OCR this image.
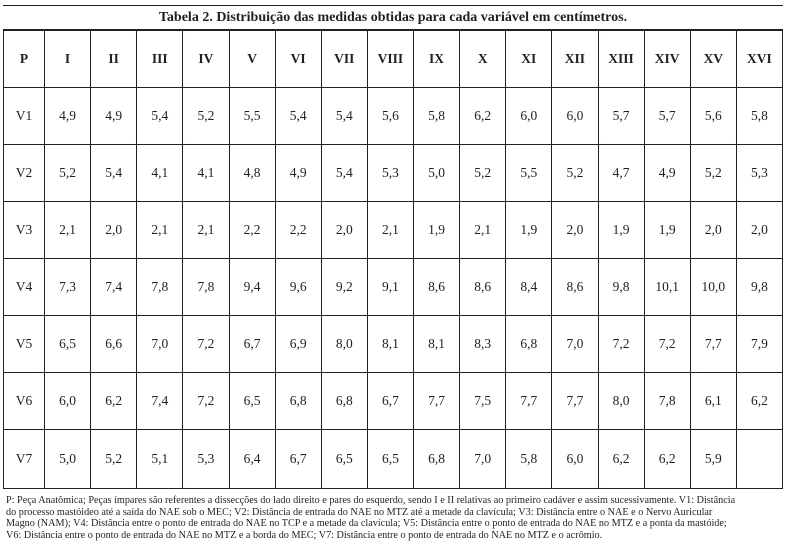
Tabela 2. Distribuição das medidas obtidas para cada variável em centímetros.
P	I	II	III	IV	V	VI	VII	VIII	IX	X	XI	XII	XIII	XIV	XV	XVI
V1	4,9	4,9	5,4	5,2	5,5	5,4	5,4	5,6	5,8	6,2	6,0	6,0	5,7	5,7	5,6	5,8
V2	5,2	5,4	4,1	4,1	4,8	4,9	5,4	5,3	5,0	5,2	5,5	5,2	4,7	4,9	5,2	5,3
V3	2,1	2,0	2,1	2,1	2,2	2,2	2,0	2,1	1,9	2,1	1,9	2,0	1,9	1,9	2,0	2,0
V4	7,3	7,4	7,8	7,8	9,4	9,6	9,2	9,1	8,6	8,6	8,4	8,6	9,8	10,1	10,0	9,8
V5	6,5	6,6	7,0	7,2	6,7	6,9	8,0	8,1	8,1	8,3	6,8	7,0	7,2	7,2	7,7	7,9
V6	6,0	6,2	7,4	7,2	6,5	6,8	6,8	6,7	7,7	7,5	7,7	7,7	8,0	7,8	6,1	6,2
V7	5,0	5,2	5,1	5,3	6,4	6,7	6,5	6,5	6,8	7,0	5,8	6,0	6,2	6,2	5,9	
P: Peça Anatômica; Peças ímpares são referentes a dissecções do lado direito e pares do esquerdo, sendo I e II relativas ao primeiro cadáver e assim sucessivamente. V1: Distância
do processo mastóideo até a saída do NAE sob o MEC; V2: Distância de entrada do NAE no MTZ até a metade da clavícula; V3: Distância entre o NAE e o Nervo Auricular
Magno (NAM); V4: Distância entre o ponto de entrada do NAE no TCP e a metade da clavícula; V5: Distância entre o ponto de entrada do NAE no MTZ e a ponta da mastóide;
V6: Distância entre o ponto de entrada do NAE no MTZ e a borda do MEC; V7: Distância entre o ponto de entrada do NAE no MTZ e o acrômio.
